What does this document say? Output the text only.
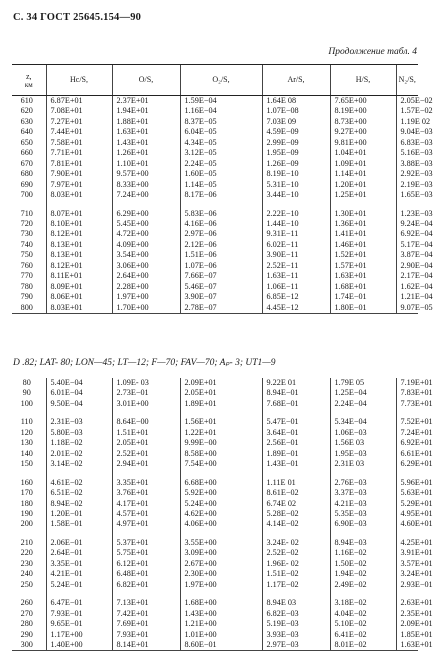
С. 34 ГОСТ 25645.154—90
Продолжение табл. 4
z,
км	Hc/S,	O/S,	O₂/S,	Ar/S,	H/S,	N₂/S,
610	6.87E+01	2.37E+01	1.59E−04	1.64E 08	7.65E+00	2.05E−02
620	7.08E+01	1.94E+01	1.16E−04	1.07E−08	8.19E+00	1.57E−02
630	7.27E+01	1.88E+01	8.37E−05	7.03E 09	8.73E+00	1.19E 02
640	7.44E+01	1.63E+01	6.04E−05	4.59E−09	9.27E+00	9.04E−03
650	7.58E+01	1.43E+01	4.34E−05	2.99E−09	9.81E+00	6.83E−03
660	7.71E+01	1.26E+01	3.12E−05	1.95E−09	1.04E+01	5.16E−03
670	7.81E+01	1.10E+01	2.24E−05	1.26E−09	1.09E+01	3.88E−03
680	7.90E+01	9.57E+00	1.60E−05	8.19E−10	1.14E+01	2.92E−03
690	7.97E+01	8.33E+00	1.14E−05	5.31E−10	1.20E+01	2.19E−03
700	8.03E+01	7.24E+00	8.17E−06	3.44E−10	1.25E+01	1.65E−03

710	8.07E+01	6.29E+00	5.83E−06	2.22E−10	1.30E+01	1.23E−03
720	8.10E+01	5.45E+00	4.16E−06	1.44E−10	1.36E+01	9.24E−04
730	8.12E+01	4.72E+00	2.97E−06	9.31E−11	1.41E+01	6.92E−04
740	8.13E+01	4.09E+00	2.12E−06	6.02E−11	1.46E+01	5.17E−04
750	8.13E+01	3.54E+00	1.51E−06	3.90E−11	1.52E+01	3.87E−04
760	8.12E+01	3.06E+00	1.07E−06	2.52E−11	1.57E+01	2.90E−04
770	8.11E+01	2.64E+00	7.66E−07	1.63E−11	1.63E+01	2.17E−04
780	8.09E+01	2.28E+00	5.46E−07	1.06E−11	1.68E+01	1.62E−04
790	8.06E+01	1.97E+00	3.90E−07	6.85E−12	1.74E−01	1.21E−04
800	8.03E+01	1.70E+00	2.78E−07	4.45E−12	1.80E−01	9.07E−05
D .82; LAT- 80; LON—45; LT—12; F—70; FAV—70; Aₚ- 3; UT1—9
80	5.40E−04	1.09E- 03	2.09E+01	9.22E 01	1.79E 05	7.19E+01
90	6.01E−04	2.73E−01	2.05E+01	8.94E−01	1.25E−04	7.83E+01
100	9.50E−04	3.01E+00	1.89E+01	7.68E−01	2.24E−04	7.73E+01

110	2.31E−03	8.64E−00	1.56E+01	5.47E−01	5.34E−04	7.52E+01
120	5.80E−03	1.51E+01	1.22E+01	3.64E−01	1.06E−03	7.24E+01
130	1.18E−02	2.05E+01	9.99E−00	2.56E−01	1.56E 03	6.92E+01
140	2.01E−02	2.52E+01	8.58E+00	1.89E−01	1.95E−03	6.61E+01
150	3.14E−02	2.94E+01	7.54E+00	1.43E−01	2.31E 03	6.29E+01

160	4.61E−02	3.35E+01	6.68E+00	1.11E 01	2.76E−03	5.96E+01
170	6.51E−02	3.76E+01	5.92E+00	8.61E−02	3.37E−03	5.63E+01
180	8.94E−02	4.17E+01	5.24E+00	6.74E 02	4.21E−03	5.29E+01
190	1.20E−01	4.57E+01	4.62E+00	5.28E−02	5.35E−03	4.95E+01
200	1.58E−01	4.97E+01	4.06E+00	4.14E−02	6.90E−03	4.60E+01

210	2.06E−01	5.37E+01	3.55E+00	3.24E- 02	8.94E−03	4.25E+01
220	2.64E−01	5.75E+01	3.09E+00	2.52E−02	1.16E−02	3.91E+01
230	3.35E−01	6.12E+01	2.67E+00	1.96E- 02	1.50E−02	3.57E+01
240	4.21E−01	6.48E+01	2.30E+00	1.51E−02	1.94E−02	3.24E+01
250	5.24E−01	6.82E+01	1.97E+00	1.17E−02	2.49E−02	2.93E−01

260	6.47E−01	7.13E+01	1.68E+00	8.94E 03	3.18E−02	2.63E+01
270	7.93E−01	7.42E+01	1.43E+00	6.82E−03	4.04E−02	2.35E+01
280	9.65E−01	7.69E+01	1.21E+00	5.19E−03	5.10E−02	2.09E+01
290	1.17E+00	7.93E+01	1.01E+00	3.93E−03	6.41E−02	1.85E+01
300	1.40E+00	8.14E+01	8.60E−01	2.97E−03	8.01E−02	1.63E+01
